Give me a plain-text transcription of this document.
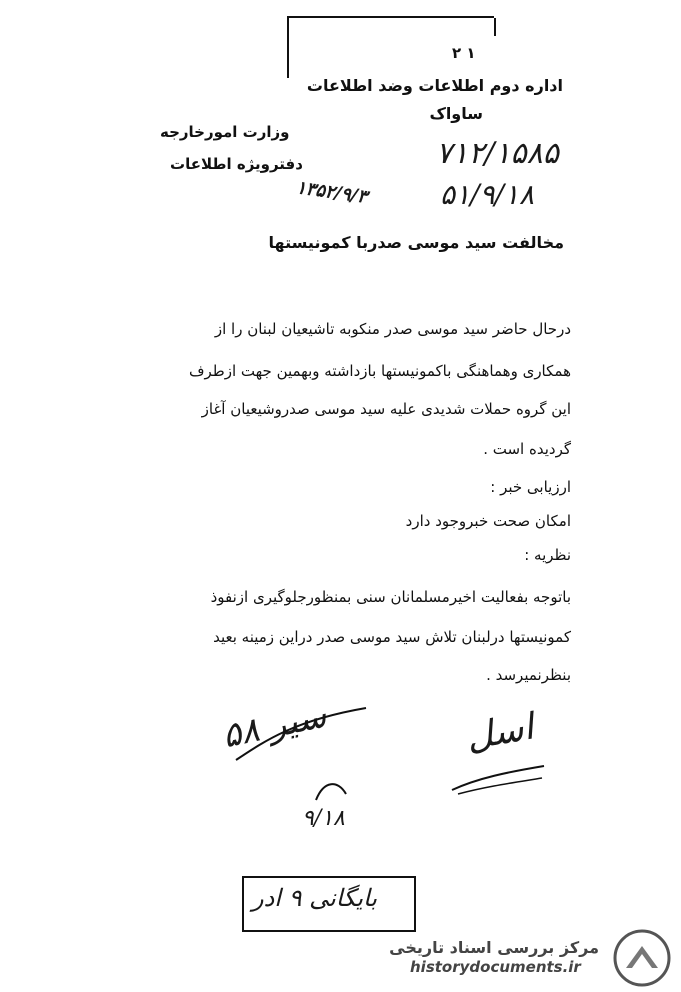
۲ ۱
اداره دوم اطلاعات وضد اطلاعات
ساواک
وزارت امورخارجه
دفترویژه اطلاعات	۷۱۲/۱۵۸۵
۵۱/۹/۱۸
۱۳۵۲/۹/۳
مخالفت سید موسی صدربا کمونیستها
درحال حاضر سید موسی صدر منکوبه تاشیعیان لبنان را از
همکاری وهماهنگی باکمونیستها بازداشته وبهمین جهت ازطرف
این گروه حملات شدیدی علیه سید موسی صدروشیعیان آغاز
گردیده است .
ارزیابی خبر :
امکان صحت خبروجود دارد
نظریه :
باتوجه بفعالیت اخیرمسلمانان سنی بمنظورجلوگیری ازنفوذ
کمونیستها درلبنان تلاش سید موسی صدر دراین زمینه بعید
بنظرنمیرسد .
اسل
سیر ۵۸
۹/۱۸
بایگانی ۹ ادر
مرکز بررسی اسناد تاریخی
historydocuments.ir
